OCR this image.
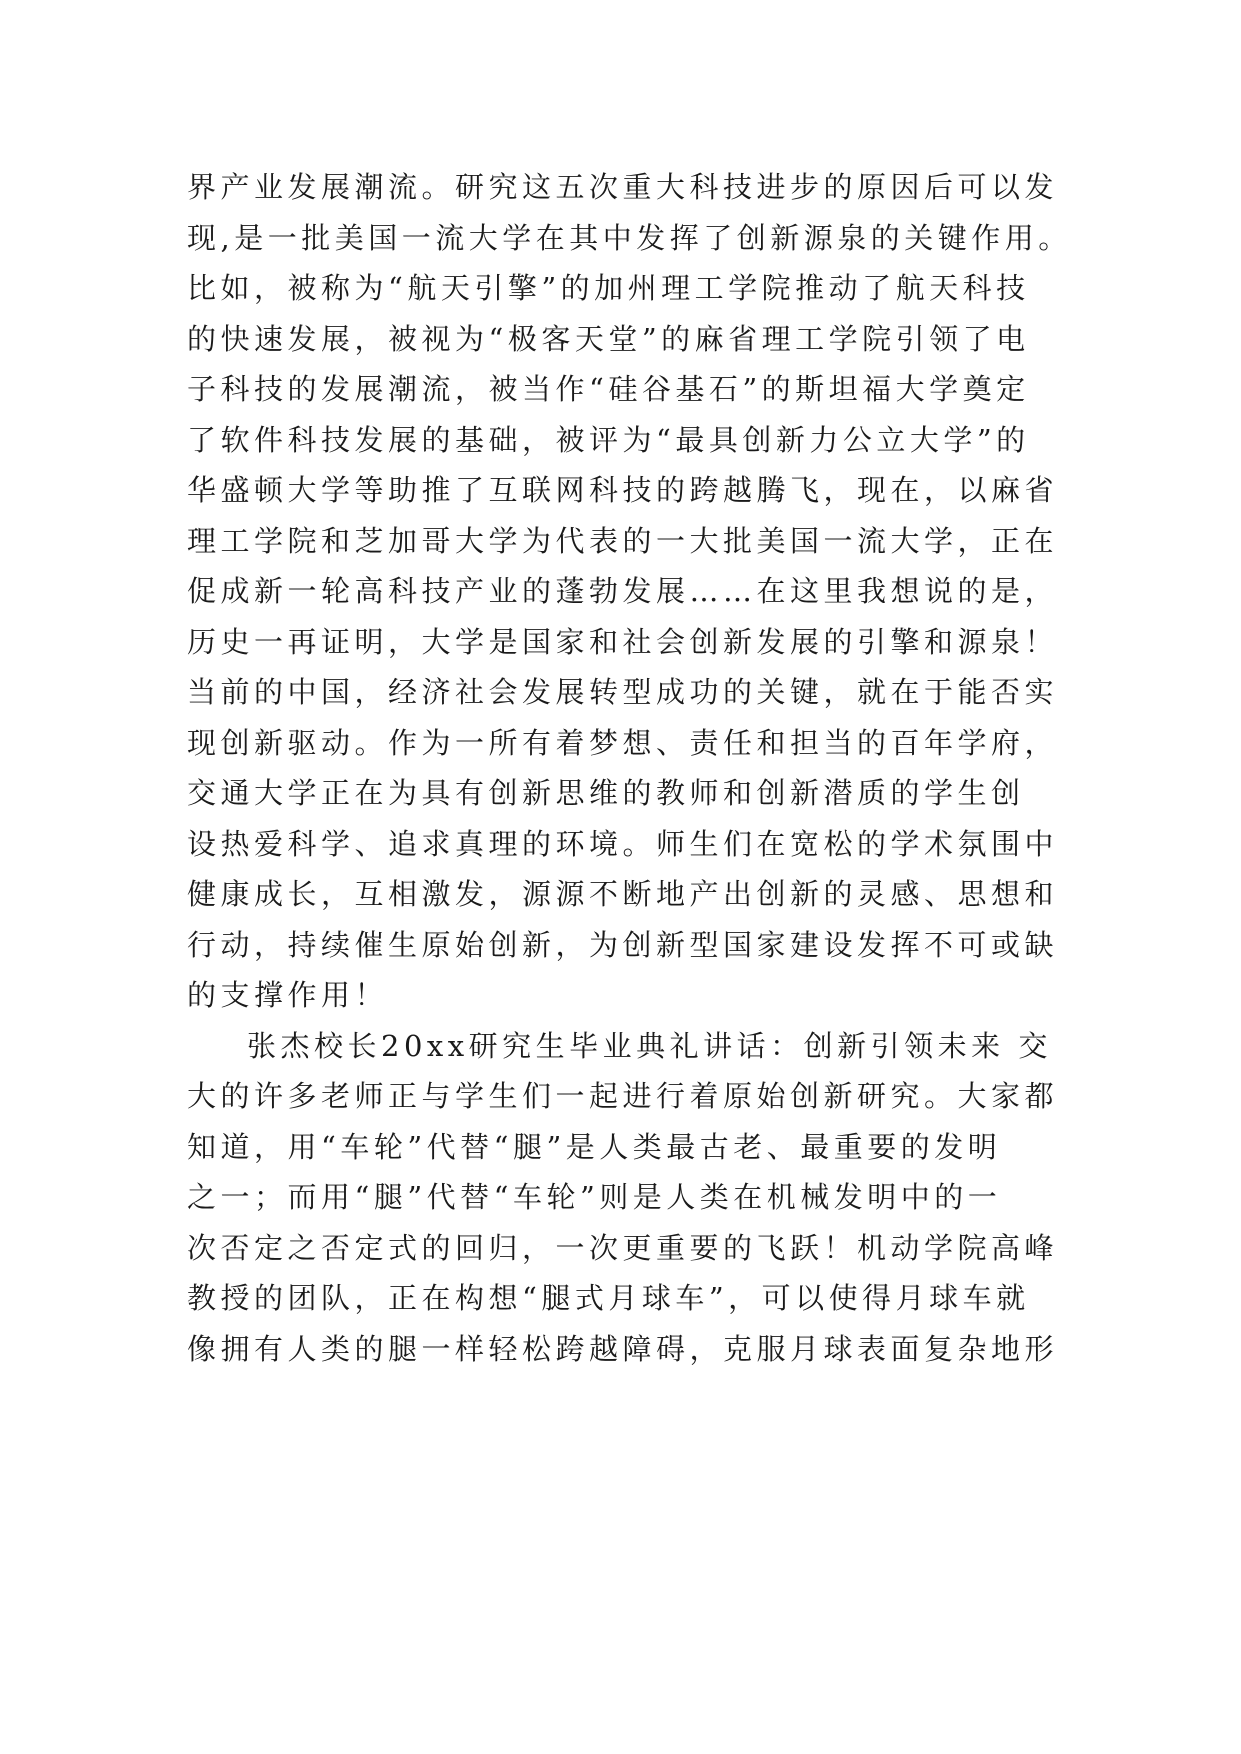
界产业发展潮流。研究这五次重大科技进步的原因后可以发
现,是一批美国一流大学在其中发挥了创新源泉的关键作用。
比如，被称为“航天引擎”的加州理工学院推动了航天科技
的快速发展，被视为“极客天堂”的麻省理工学院引领了电
子科技的发展潮流，被当作“硅谷基石”的斯坦福大学奠定
了软件科技发展的基础，被评为“最具创新力公立大学”的
华盛顿大学等助推了互联网科技的跨越腾飞，现在，以麻省
理工学院和芝加哥大学为代表的一大批美国一流大学，正在
促成新一轮高科技产业的蓬勃发展……在这里我想说的是，
历史一再证明，大学是国家和社会创新发展的引擎和源泉！
当前的中国，经济社会发展转型成功的关键，就在于能否实
现创新驱动。作为一所有着梦想、责任和担当的百年学府，
交通大学正在为具有创新思维的教师和创新潜质的学生创
设热爱科学、追求真理的环境。师生们在宽松的学术氛围中
健康成长，互相激发，源源不断地产出创新的灵感、思想和
行动，持续催生原始创新，为创新型国家建设发挥不可或缺
的支撑作用！
张杰校长20xx研究生毕业典礼讲话：创新引领未来 交
大的许多老师正与学生们一起进行着原始创新研究。大家都
知道，用“车轮”代替“腿”是人类最古老、最重要的发明
之一；而用“腿”代替“车轮”则是人类在机械发明中的一
次否定之否定式的回归，一次更重要的飞跃！机动学院高峰
教授的团队，正在构想“腿式月球车”，可以使得月球车就
像拥有人类的腿一样轻松跨越障碍，克服月球表面复杂地形
